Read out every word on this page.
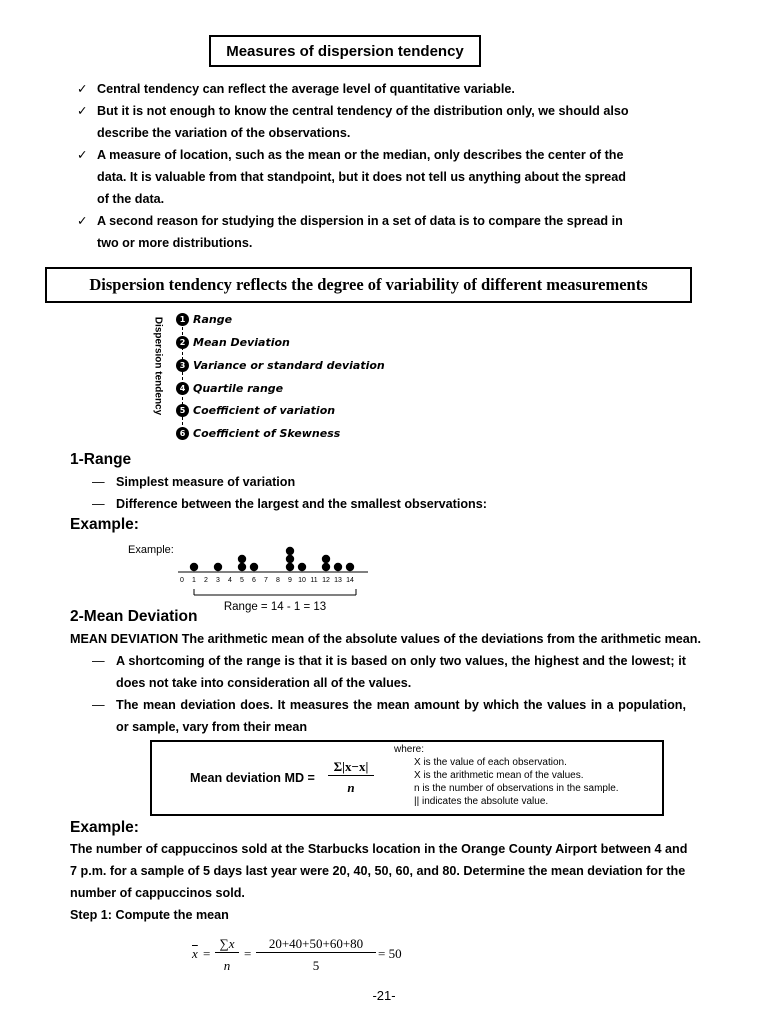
Measures of dispersion tendency
✓ Central tendency can reflect the average level of quantitative variable.
✓ But it is not enough to know the central tendency of the distribution only, we should also describe the variation of the observations.
✓ A measure of location, such as the mean or the median, only describes the center of the data. It is valuable from that standpoint, but it does not tell us anything about the spread of the data.
✓ A second reason for studying the dispersion in a set of data is to compare the spread in two or more distributions.
Dispersion tendency reflects the degree of variability of different measurements
Dispersion tendency	1 Range
2 Mean Deviation
3 Variance or standard deviation
4 Quartile range
5 Coefficient of variation
6 Coefficient of Skewness
1-Range
— Simplest measure of variation
— Difference between the largest and the smallest observations:
Example:
Example:
0 1 2 3 4 5 6 7 8 9 10 11 12 13 14
Range = 14 - 1 = 13
2-Mean Deviation
MEAN DEVIATION The arithmetic mean of the absolute values of the deviations from the arithmetic mean.
— A shortcoming of the range is that it is based on only two values, the highest and the lowest; it does not take into consideration all of the values.
— The mean deviation does. It measures the mean amount by which the values in a population, or sample, vary from their mean
Mean deviation MD =
Σ|x−x|
n
where:
X is the value of each observation.
X is the arithmetic mean of the values.
n is the number of observations in the sample.
|| indicates the absolute value.
Example:
The number of cappuccinos sold at the Starbucks location in the Orange County Airport between 4 and 7 p.m. for a sample of 5 days last year were 20, 40, 50, 60, and 80. Determine the mean deviation for the number of cappuccinos sold.
Step 1: Compute the mean
$\overline{x}$ =
∑x
n
=
20+40+50+60+80
5
= 50
-21-
